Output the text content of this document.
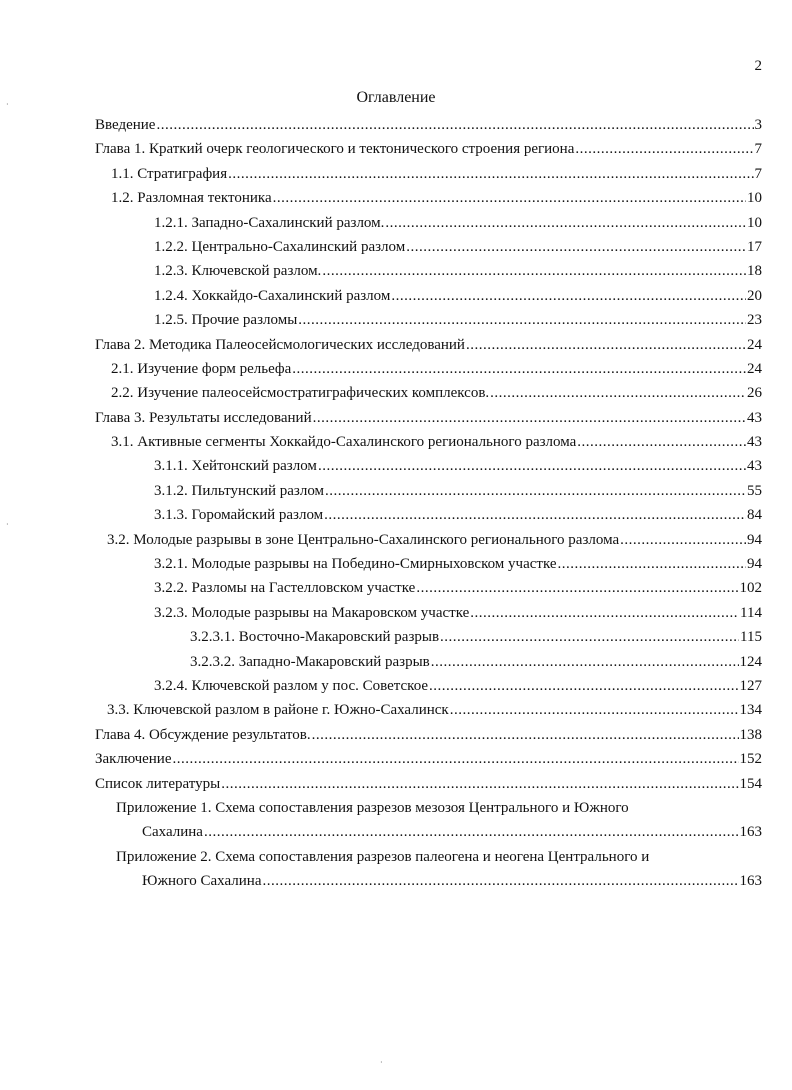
2
Оглавление
Введение .....	3
Глава 1. Краткий очерк геологического и тектонического строения региона .....	7
1.1. Стратиграфия .....	7
1.2. Разломная тектоника .....	10
1.2.1. Западно-Сахалинский разлом. .....	10
1.2.2. Центрально-Сахалинский разлом .....	17
1.2.3. Ключевской разлом. .....	18
1.2.4. Хоккайдо-Сахалинский разлом .....	20
1.2.5. Прочие разломы .....	23
Глава 2. Методика Палеосейсмологических исследований .....	24
2.1. Изучение форм рельефа .....	24
2.2. Изучение палеосейсмостратиграфических комплексов. .....	26
Глава 3. Результаты исследований .....	43
3.1. Активные сегменты Хоккайдо-Сахалинского регионального разлома .....	43
3.1.1. Хейтонский разлом .....	43
3.1.2. Пильтунский разлом .....	55
3.1.3. Горомайский разлом .....	84
3.2. Молодые разрывы в зоне Центрально-Сахалинского регионального разлома .....	94
3.2.1. Молодые разрывы на Победино-Смирныховском участке .....	94
3.2.2. Разломы на Гастелловском участке .....	102
3.2.3. Молодые разрывы на Макаровском участке .....	114
3.2.3.1. Восточно-Макаровский разрыв .....	115
3.2.3.2. Западно-Макаровский разрыв .....	124
3.2.4. Ключевской разлом у пос. Советское .....	127
3.3. Ключевской разлом в районе г. Южно-Сахалинск .....	134
Глава 4. Обсуждение результатов. .....	138
Заключение .....	152
Список литературы .....	154
Приложение 1. Схема сопоставления разрезов мезозоя Центрального и Южного
Сахалина .....	163
Приложение 2. Схема сопоставления разрезов палеогена и неогена Центрального и
Южного Сахалина .....	163
·
·
·
